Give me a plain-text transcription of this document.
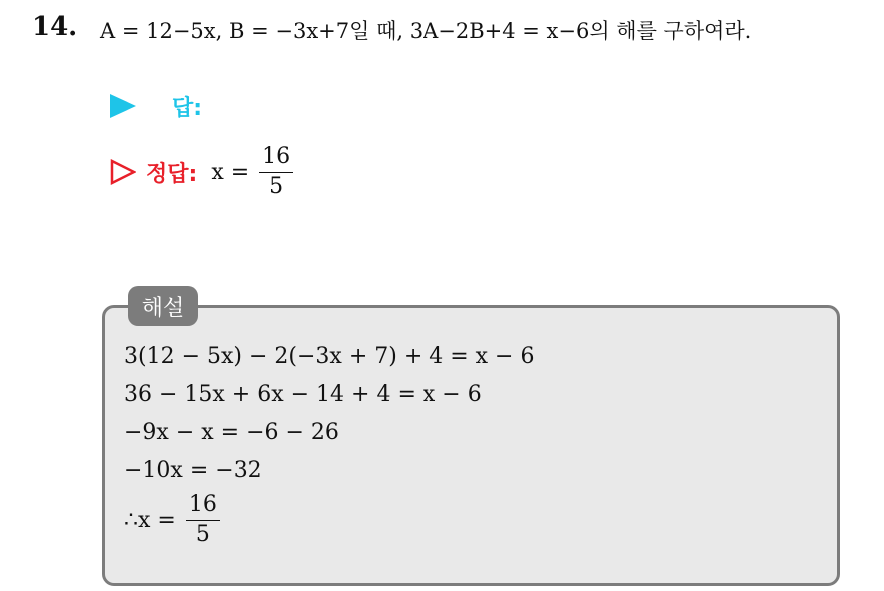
14. A = 12−5x, B = −3x+7일 때, 3A−2B+4 = x−6의 해를 구하여라.
답:
정답: $x = \frac{16}{5}$
해설
3(12 − 5x) − 2(−3x + 7) + 4 = x − 6
36 − 15x + 6x − 14 + 4 = x − 6
−9x − x = −6 − 26
−10x = −32
∴x = $\frac{16}{5}$
